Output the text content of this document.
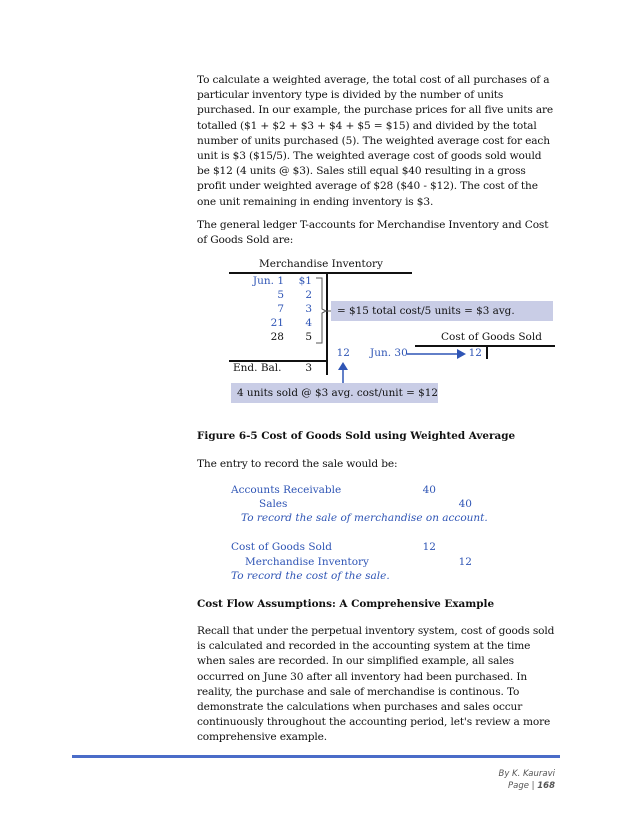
To calculate a weighted average, the total cost of all purchases of a particular inventory type is divided by the number of units purchased. In our example, the purchase prices for all five units are totalled ($1 + $2 + $3 + $4 + $5 = $15) and divided by the total number of units purchased (5). The weighted average cost for each unit is $3 ($15/5). The weighted average cost of goods sold would be $12 (4 units @ $3). Sales still equal $40 resulting in a gross profit under weighted average of $28 ($40 - $12). The cost of the one unit remaining in ending inventory is $3.

The general ledger T-accounts for Merchandise Inventory and Cost of Goods Sold are:

Merchandise Inventory
Jun. 1	$1
5	2
7	3
21	4
28	5
12 Jun. 30
End. Bal.	3
Cost of Goods Sold
12
= $15 total cost/5 units = $3 avg.
4 units sold @ $3 avg. cost/unit = $12
Figure 6-5 Cost of Goods Sold using Weighted Average

The entry to record the sale would be:

Accounts Receivable	40
Sales	40
To record the sale of merchandise on account.
Cost of Goods Sold	12
Merchandise Inventory	12
To record the cost of the sale.
Cost Flow Assumptions: A Comprehensive Example

Recall that under the perpetual inventory system, cost of goods sold is calculated and recorded in the accounting system at the time when sales are recorded. In our simplified example, all sales occurred on June 30 after all inventory had been purchased. In reality, the purchase and sale of merchandise is continous. To demonstrate the calculations when purchases and sales occur continuously throughout the accounting period, let's review a more comprehensive example.

By K. Kauravi
Page | 168
